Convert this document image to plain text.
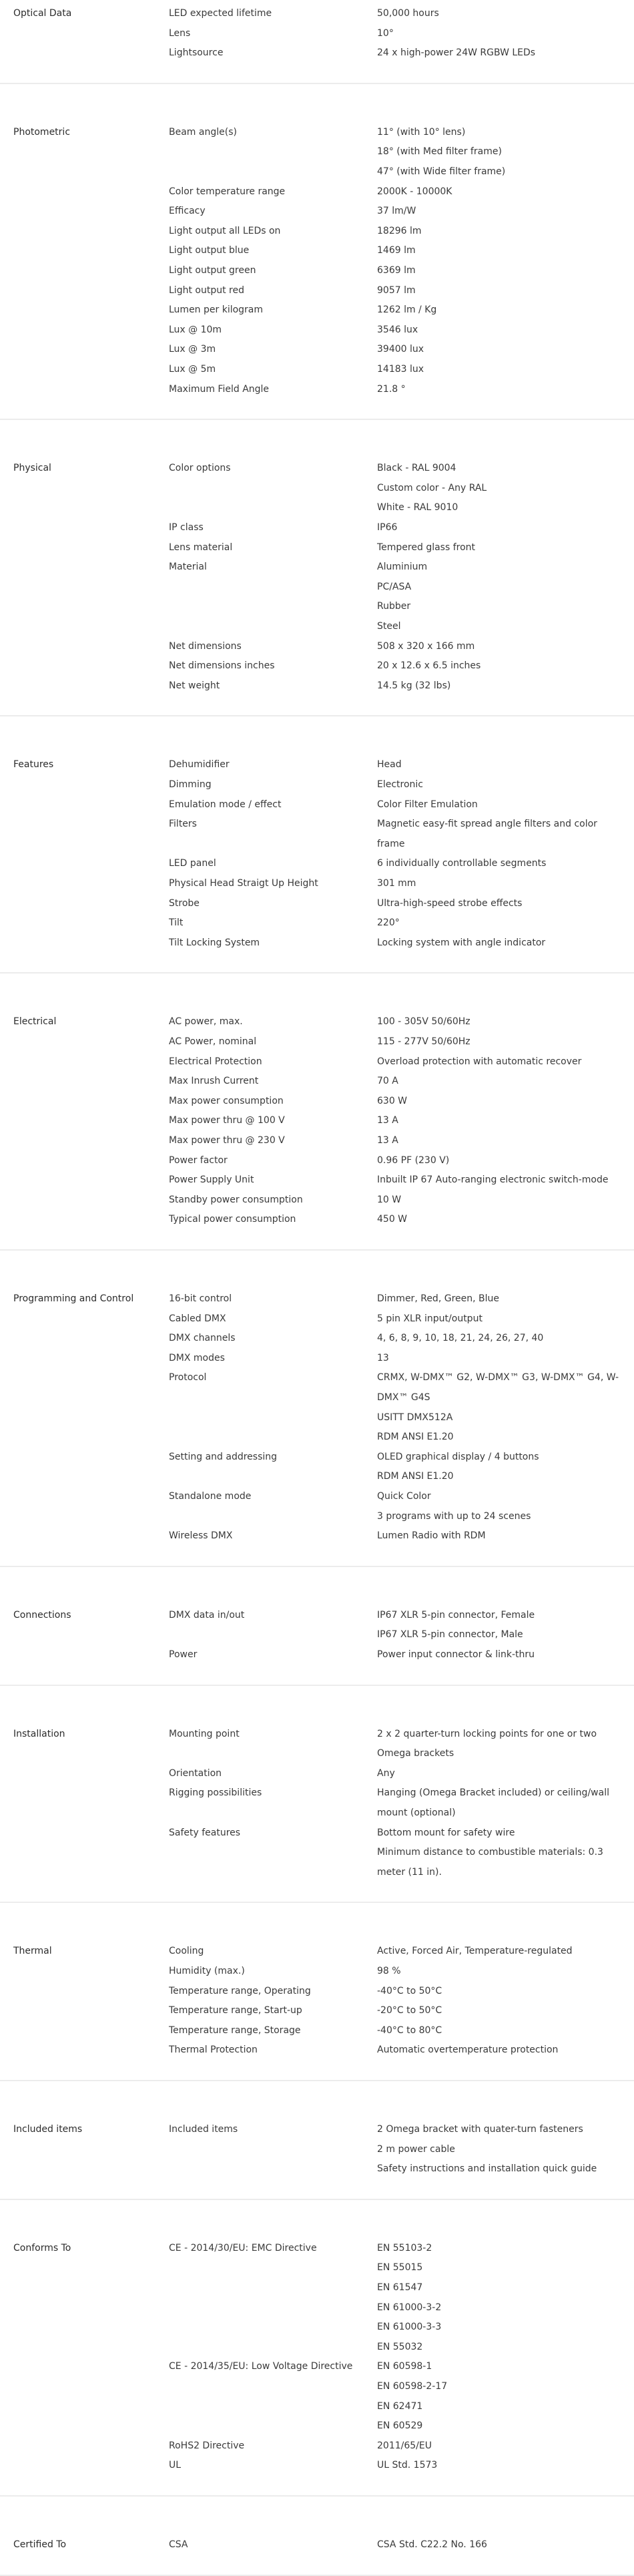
Optical Data	LED expected lifetime	50,000 hours
Lens	10°
Lightsource	24 x high-power 24W RGBW LEDs
Photometric	Beam angle(s)	11° (with 10° lens)
18° (with Med filter frame)
47° (with Wide filter frame)
Color temperature range	2000K - 10000K
Efficacy	37 lm/W
Light output all LEDs on	18296 lm
Light output blue	1469 lm
Light output green	6369 lm
Light output red	9057 lm
Lumen per kilogram	1262 lm / Kg
Lux @ 10m	3546 lux
Lux @ 3m	39400 lux
Lux @ 5m	14183 lux
Maximum Field Angle	21.8 °
Physical	Color options	Black - RAL 9004
Custom color - Any RAL
White - RAL 9010
IP class	IP66
Lens material	Tempered glass front
Material	Aluminium
PC/ASA
Rubber
Steel
Net dimensions	508 x 320 x 166 mm
Net dimensions inches	20 x 12.6 x 6.5 inches
Net weight	14.5 kg (32 lbs)
Features	Dehumidifier	Head
Dimming	Electronic
Emulation mode / effect	Color Filter Emulation
Filters	Magnetic easy-fit spread angle filters and color
frame
LED panel	6 individually controllable segments
Physical Head Straigt Up Height	301 mm
Strobe	Ultra-high-speed strobe effects
Tilt	220°
Tilt Locking System	Locking system with angle indicator
Electrical	AC power, max.	100 - 305V 50/60Hz
AC Power, nominal	115 - 277V 50/60Hz
Electrical Protection	Overload protection with automatic recover
Max Inrush Current	70 A
Max power consumption	630 W
Max power thru @ 100 V	13 A
Max power thru @ 230 V	13 A
Power factor	0.96 PF (230 V)
Power Supply Unit	Inbuilt IP 67 Auto-ranging electronic switch-mode
Standby power consumption	10 W
Typical power consumption	450 W
Programming and Control	16-bit control	Dimmer, Red, Green, Blue
Cabled DMX	5 pin XLR input/output
DMX channels	4, 6, 8, 9, 10, 18, 21, 24, 26, 27, 40
DMX modes	13
Protocol	CRMX, W-DMX™ G2, W-DMX™ G3, W-DMX™ G4, W-
DMX™ G4S
USITT DMX512A
RDM ANSI E1.20
Setting and addressing	OLED graphical display / 4 buttons
RDM ANSI E1.20
Standalone mode	Quick Color
3 programs with up to 24 scenes
Wireless DMX	Lumen Radio with RDM
Connections	DMX data in/out	IP67 XLR 5-pin connector, Female
IP67 XLR 5-pin connector, Male
Power	Power input connector & link-thru
Installation	Mounting point	2 x 2 quarter-turn locking points for one or two
Omega brackets
Orientation	Any
Rigging possibilities	Hanging (Omega Bracket included) or ceiling/wall
mount (optional)
Safety features	Bottom mount for safety wire
Minimum distance to combustible materials: 0.3
meter (11 in).
Thermal	Cooling	Active, Forced Air, Temperature-regulated
Humidity (max.)	98 %
Temperature range, Operating	-40°C to 50°C
Temperature range, Start-up	-20°C to 50°C
Temperature range, Storage	-40°C to 80°C
Thermal Protection	Automatic overtemperature protection
Included items	Included items	2 Omega bracket with quater-turn fasteners
2 m power cable
Safety instructions and installation quick guide
Conforms To	CE - 2014/30/EU: EMC Directive	EN 55103-2
EN 55015
EN 61547
EN 61000-3-2
EN 61000-3-3
EN 55032
CE - 2014/35/EU: Low Voltage Directive	EN 60598-1
EN 60598-2-17
EN 62471
EN 60529
RoHS2 Directive	2011/65/EU
UL	UL Std. 1573
Certified To	CSA	CSA Std. C22.2 No. 166
